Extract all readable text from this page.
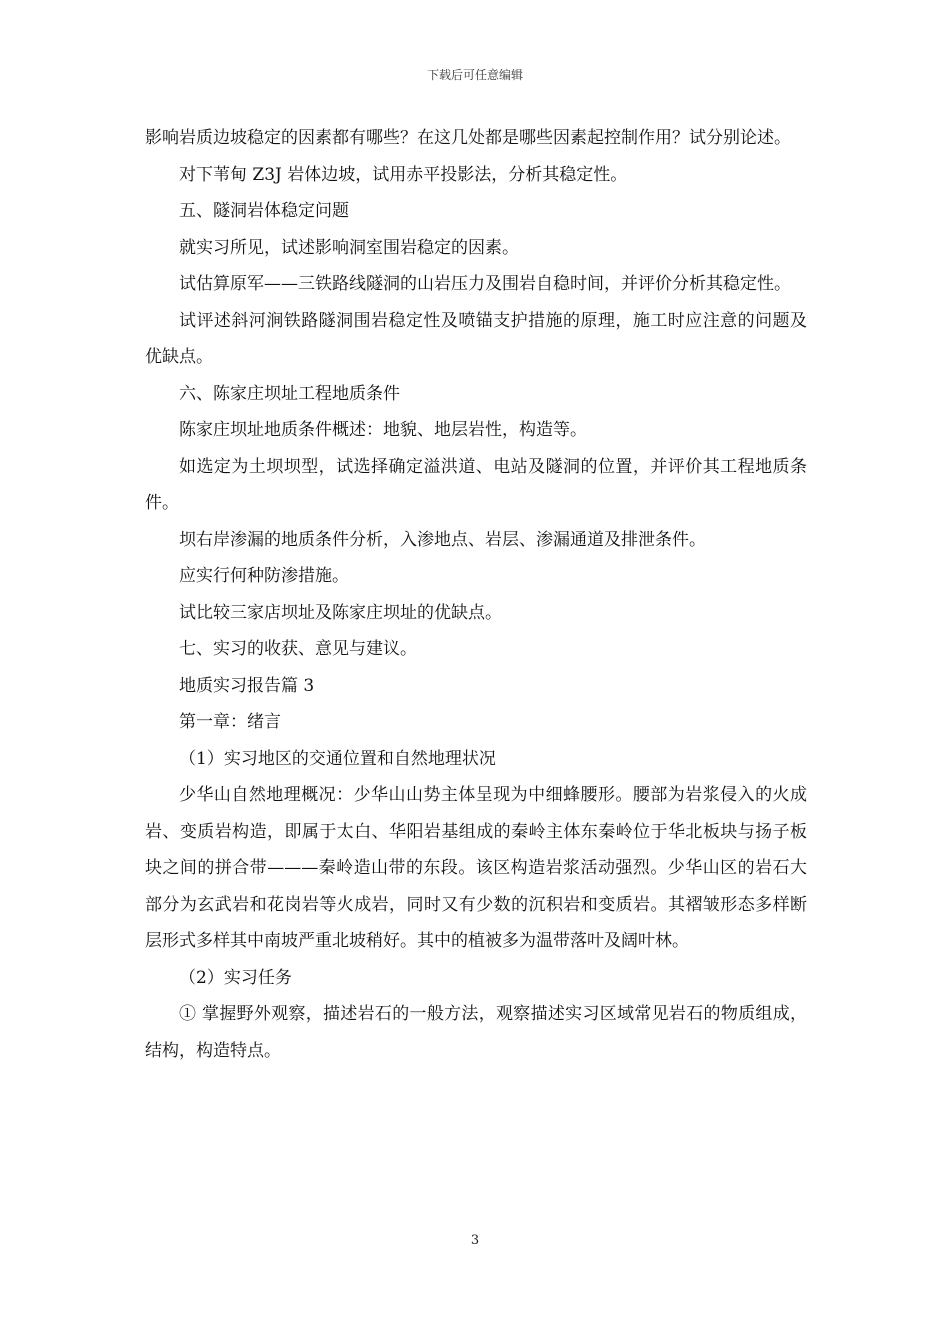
下载后可任意编辑

影响岩质边坡稳定的因素都有哪些？在这几处都是哪些因素起控制作用？试分别论述。

对下苇甸 Z3J 岩体边坡，试用赤平投影法，分析其稳定性。

五、隧洞岩体稳定问题

就实习所见，试述影响洞室围岩稳定的因素。

试估算原军——三铁路线隧洞的山岩压力及围岩自稳时间，并评价分析其稳定性。

试评述斜河涧铁路隧洞围岩稳定性及喷锚支护措施的原理，施工时应注意的问题及优缺点。

六、陈家庄坝址工程地质条件

陈家庄坝址地质条件概述：地貌、地层岩性，构造等。

如选定为土坝坝型，试选择确定溢洪道、电站及隧洞的位置，并评价其工程地质条件。

坝右岸渗漏的地质条件分析，入渗地点、岩层、渗漏通道及排泄条件。

应实行何种防渗措施。

试比较三家店坝址及陈家庄坝址的优缺点。

七、实习的收获、意见与建议。

地质实习报告篇 3

第一章：绪言

（1）实习地区的交通位置和自然地理状况

少华山自然地理概况：少华山山势主体呈现为中细蜂腰形。腰部为岩浆侵入的火成岩、变质岩构造，即属于太白、华阳岩基组成的秦岭主体东秦岭位于华北板块与扬子板块之间的拼合带———秦岭造山带的东段。该区构造岩浆活动强烈。少华山区的岩石大部分为玄武岩和花岗岩等火成岩，同时又有少数的沉积岩和变质岩。其褶皱形态多样断层形式多样其中南坡严重北坡稍好。其中的植被多为温带落叶及阔叶林。

（2）实习任务

① 掌握野外观察，描述岩石的一般方法，观察描述实习区域常见岩石的物质组成，结构，构造特点。

3
